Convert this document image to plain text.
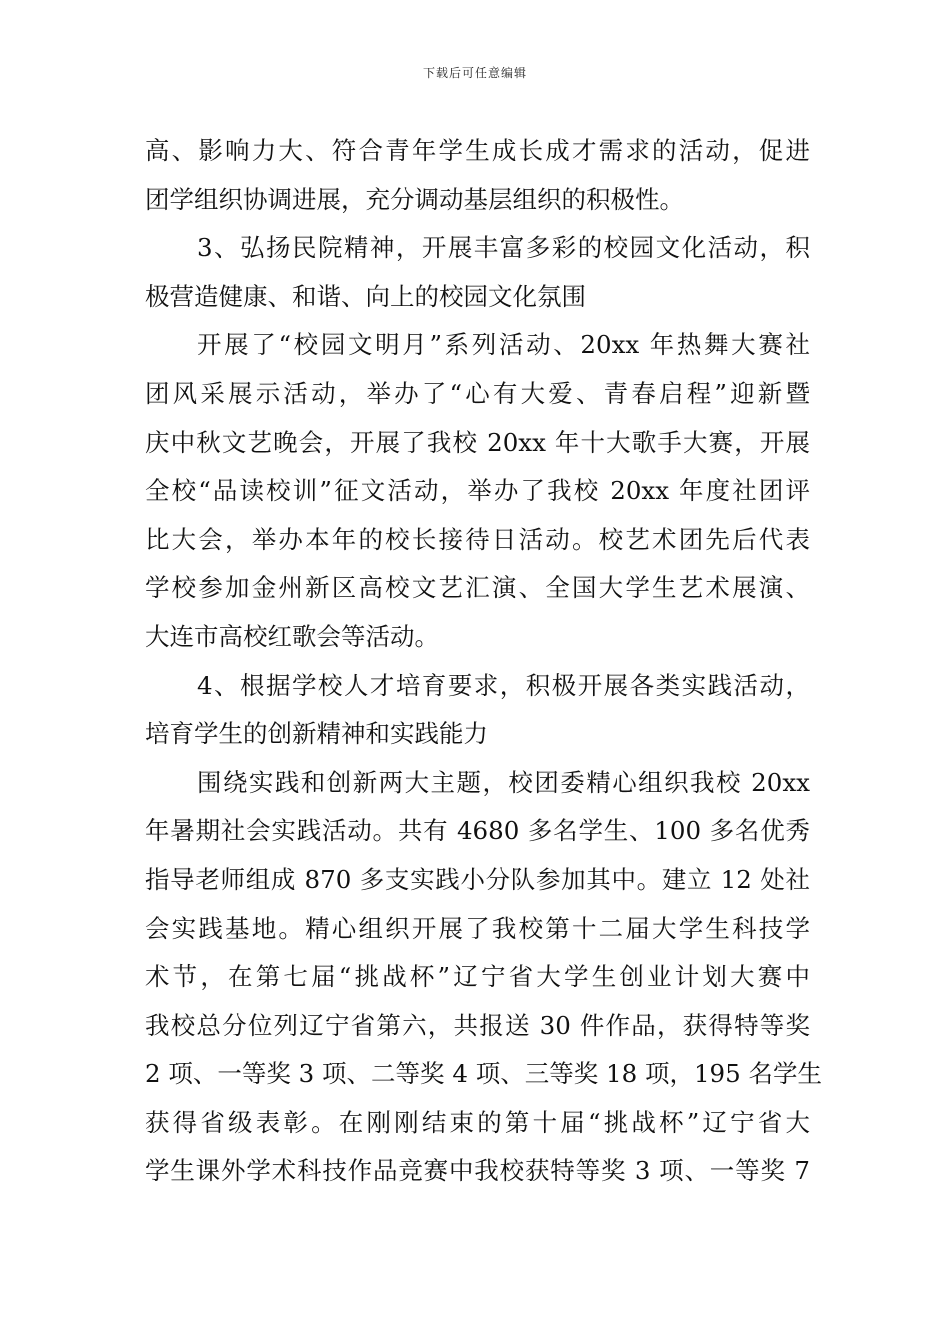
下载后可任意编辑
高、影响力大、符合青年学生成长成才需求的活动，促进
团学组织协调进展，充分调动基层组织的积极性。
3、弘扬民院精神，开展丰富多彩的校园文化活动，积
极营造健康、和谐、向上的校园文化氛围
开展了“校园文明月”系列活动、20xx 年热舞大赛社
团风采展示活动，举办了“心有大爱、青春启程”迎新暨
庆中秋文艺晚会，开展了我校 20xx 年十大歌手大赛，开展
全校“品读校训”征文活动，举办了我校 20xx 年度社团评
比大会，举办本年的校长接待日活动。校艺术团先后代表
学校参加金州新区高校文艺汇演、全国大学生艺术展演、
大连市高校红歌会等活动。
4、根据学校人才培育要求，积极开展各类实践活动，
培育学生的创新精神和实践能力
围绕实践和创新两大主题，校团委精心组织我校 20xx
年暑期社会实践活动。共有 4680 多名学生、100 多名优秀
指导老师组成 870 多支实践小分队参加其中。建立 12 处社
会实践基地。精心组织开展了我校第十二届大学生科技学
术节，在第七届“挑战杯”辽宁省大学生创业计划大赛中
我校总分位列辽宁省第六，共报送 30 件作品，获得特等奖
2 项、一等奖 3 项、二等奖 4 项、三等奖 18 项，195 名学生
获得省级表彰。在刚刚结束的第十届“挑战杯”辽宁省大
学生课外学术科技作品竞赛中我校获特等奖 3 项、一等奖 7
